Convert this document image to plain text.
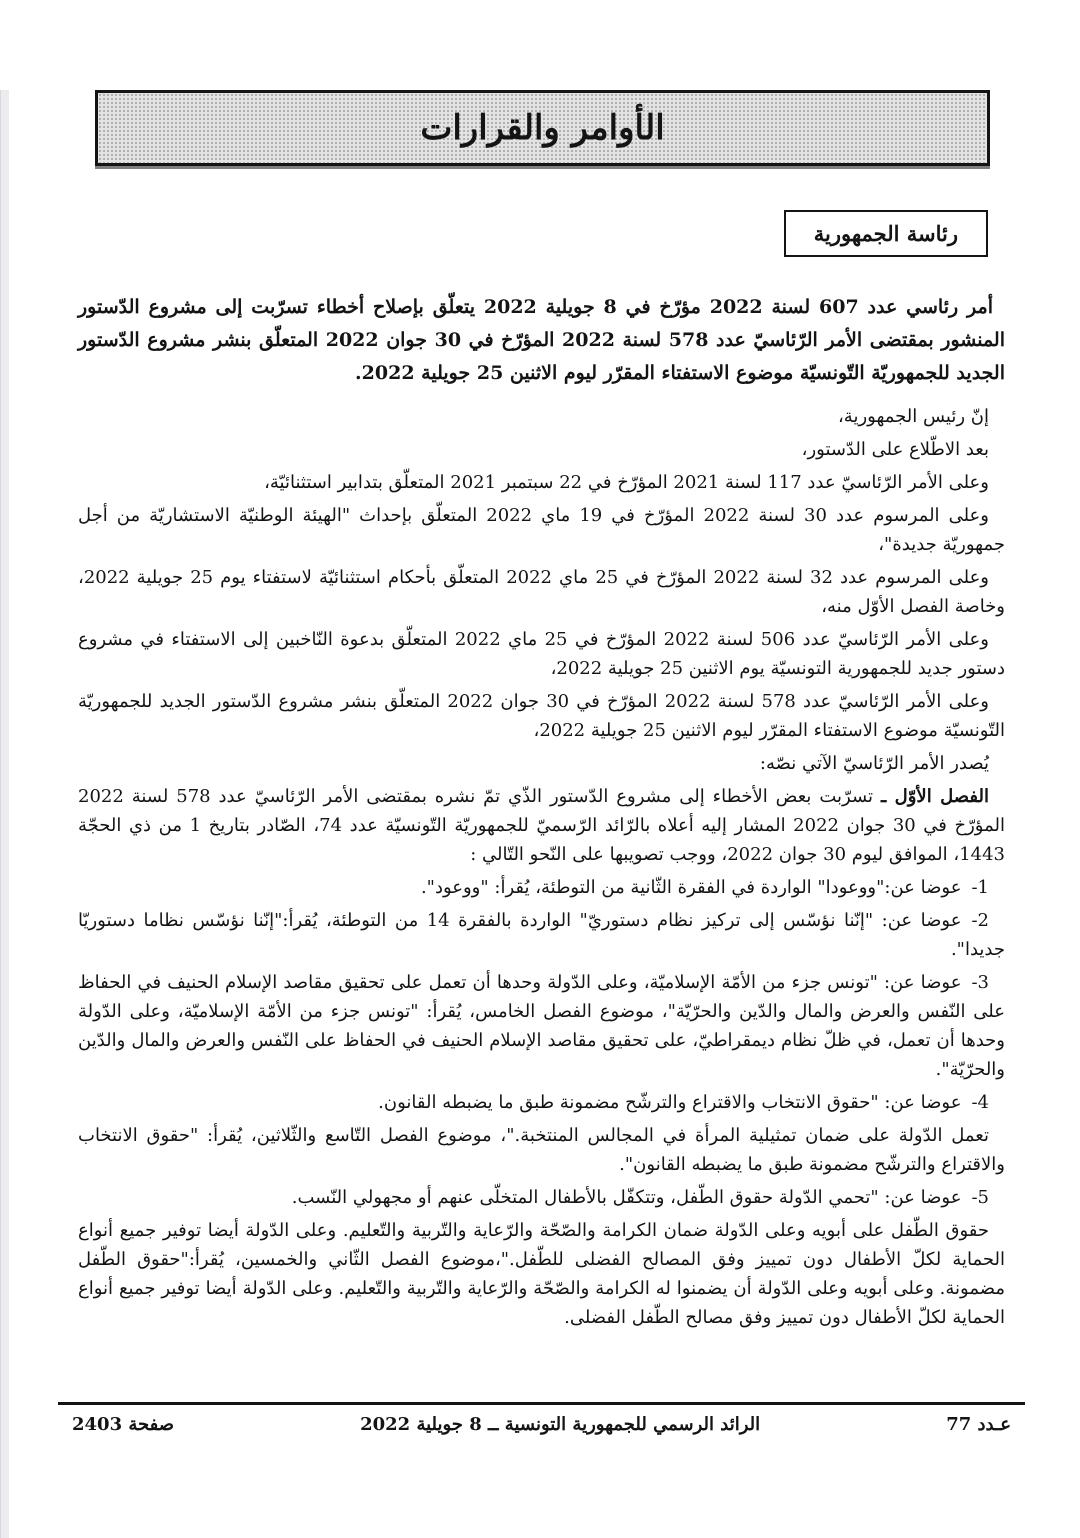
الأوامر والقرارات
رئاسة الجمهورية

أمر رئاسي عدد 607 لسنة 2022 مؤرّخ في 8 جويلية 2022 يتعلّق بإصلاح أخطاء تسرّبت إلى مشروع الدّستور المنشور بمقتضى الأمر الرّئاسيّ عدد 578 لسنة 2022 المؤرّخ في 30 جوان 2022 المتعلّق بنشر مشروع الدّستور الجديد للجمهوريّة التّونسيّة موضوع الاستفتاء المقرّر ليوم الاثنين 25 جويلية 2022.

إنّ رئيس الجمهورية،

بعد الاطّلاع على الدّستور،

وعلى الأمر الرّئاسيّ عدد 117 لسنة 2021 المؤرّخ في 22 سبتمبر 2021 المتعلّق بتدابير استثنائيّة،

وعلى المرسوم عدد 30 لسنة 2022 المؤرّخ في 19 ماي 2022 المتعلّق بإحداث "الهيئة الوطنيّة الاستشاريّة من أجل جمهوريّة جديدة"،

وعلى المرسوم عدد 32 لسنة 2022 المؤرّخ في 25 ماي 2022 المتعلّق بأحكام استثنائيّة لاستفتاء يوم 25 جويلية 2022، وخاصة الفصل الأوّل منه،

وعلى الأمر الرّئاسيّ عدد 506 لسنة 2022 المؤرّخ في 25 ماي 2022 المتعلّق بدعوة النّاخبين إلى الاستفتاء في مشروع دستور جديد للجمهورية التونسيّة يوم الاثنين 25 جويلية 2022،

وعلى الأمر الرّئاسيّ عدد 578 لسنة 2022 المؤرّخ في 30 جوان 2022 المتعلّق بنشر مشروع الدّستور الجديد للجمهوريّة التّونسيّة موضوع الاستفتاء المقرّر ليوم الاثنين 25 جويلية 2022،

يُصدر الأمر الرّئاسيّ الآتي نصّه:

الفصل الأوّل ـ تسرّبت بعض الأخطاء إلى مشروع الدّستور الذّي تمّ نشره بمقتضى الأمر الرّئاسيّ عدد 578 لسنة 2022 المؤرّخ في 30 جوان 2022 المشار إليه أعلاه بالرّائد الرّسميّ للجمهوريّة التّونسيّة عدد 74، الصّادر بتاريخ 1 من ذي الحجّة 1443، الموافق ليوم 30 جوان 2022، ووجب تصويبها على النّحو التّالي :

1-عوضا عن:"ووعودا" الواردة في الفقرة الثّانية من التوطئة، يُقرأ: "ووعود".

2-عوضا عن: "إنّنا نؤسّس إلى تركيز نظام دستوريّ" الواردة بالفقرة 14 من التوطئة، يُقرأ:"إنّنا نؤسّس نظاما دستوريّا جديدا".

3-عوضا عن: "تونس جزء من الأمّة الإسلاميّة، وعلى الدّولة وحدها أن تعمل على تحقيق مقاصد الإسلام الحنيف في الحفاظ على النّفس والعرض والمال والدّين والحرّيّة"، موضوع الفصل الخامس، يُقرأ: "تونس جزء من الأمّة الإسلاميّة، وعلى الدّولة وحدها أن تعمل، في ظلّ نظام ديمقراطيّ، على تحقيق مقاصد الإسلام الحنيف في الحفاظ على النّفس والعرض والمال والدّين والحرّيّة".

4-عوضا عن: "حقوق الانتخاب والاقتراع والترشّح مضمونة طبق ما يضبطه القانون.

تعمل الدّولة على ضمان تمثيلية المرأة في المجالس المنتخبة."، موضوع الفصل التّاسع والثّلاثين، يُقرأ: "حقوق الانتخاب والاقتراع والترشّح مضمونة طبق ما يضبطه القانون".

5-عوضا عن: "تحمي الدّولة حقوق الطّفل، وتتكفّل بالأطفال المتخلّى عنهم أو مجهولي النّسب.

حقوق الطّفل على أبويه وعلى الدّولة ضمان الكرامة والصّحّة والرّعاية والتّربية والتّعليم. وعلى الدّولة أيضا توفير جميع أنواع الحماية لكلّ الأطفال دون تمييز وفق المصالح الفضلى للطّفل."،موضوع الفصل الثّاني والخمسين، يُقرأ:"حقوق الطّفل مضمونة. وعلى أبويه وعلى الدّولة أن يضمنوا له الكرامة والصّحّة والرّعاية والتّربية والتّعليم. وعلى الدّولة أيضا توفير جميع أنواع الحماية لكلّ الأطفال دون تمييز وفق مصالح الطّفل الفضلى.

عـدد 77
الرائد الرسمي للجمهورية التونسية ــ 8 جويلية 2022
صفحة 2403
